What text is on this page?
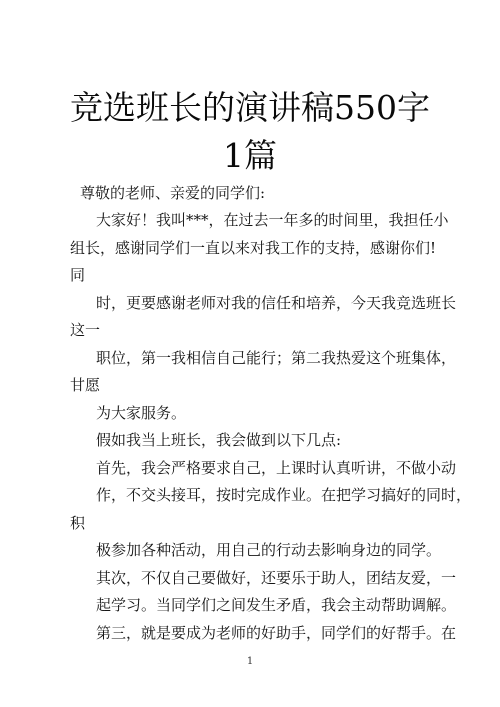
竞选班长的演讲稿550字
1篇
尊敬的老师、亲爱的同学们:
大家好！我叫***，在过去一年多的时间里，我担任小
组长，感谢同学们一直以来对我工作的支持，感谢你们!
同
时，更要感谢老师对我的信任和培养，今天我竞选班长
这一
职位，第一我相信自己能行；第二我热爱这个班集体，
甘愿
为大家服务。
假如我当上班长，我会做到以下几点:
首先，我会严格要求自己，上课时认真听讲，不做小动
作，不交头接耳，按时完成作业。在把学习搞好的同时，
积
极参加各种活动，用自己的行动去影响身边的同学。
其次，不仅自己要做好，还要乐于助人，团结友爱，一
起学习。当同学们之间发生矛盾，我会主动帮助调解。
第三，就是要成为老师的好助手，同学们的好帮手。在
1
